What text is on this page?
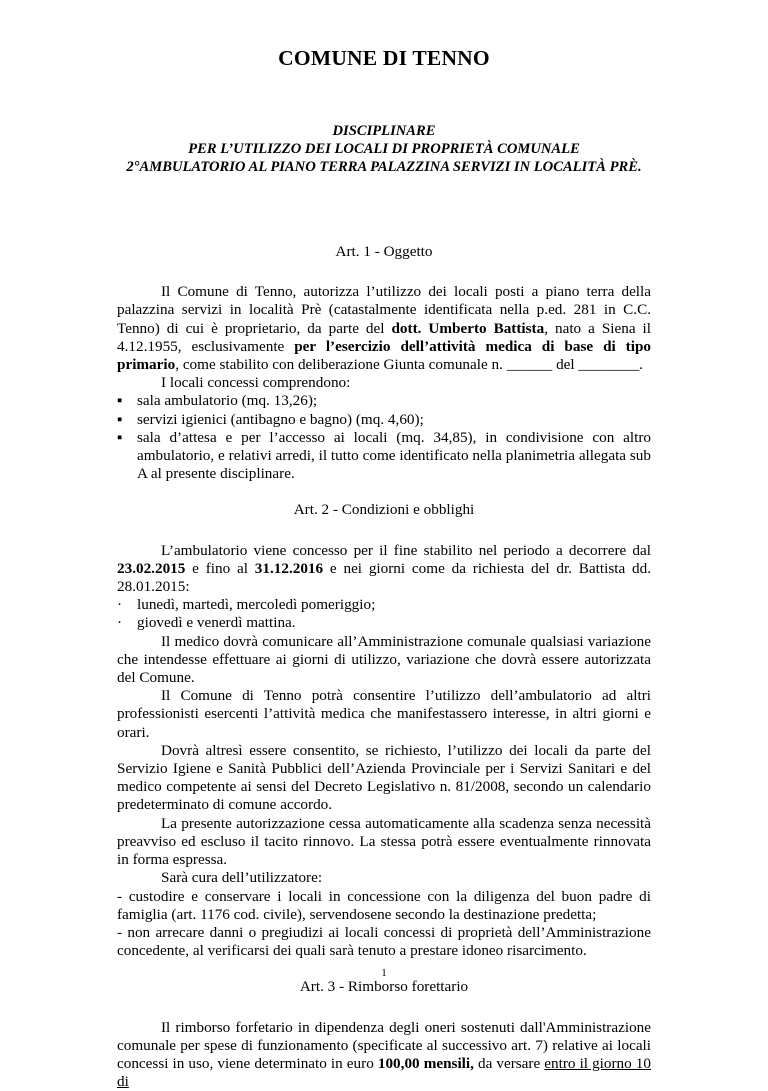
COMUNE DI TENNO
DISCIPLINARE
PER L’UTILIZZO DEI LOCALI DI PROPRIETÀ COMUNALE
2°AMBULATORIO AL PIANO TERRA PALAZZINA SERVIZI IN LOCALITÀ PRÈ.

Art. 1 - Oggetto

Il Comune di Tenno, autorizza l’utilizzo dei locali posti a piano terra della palazzina servizi in località Prè (catastalmente identificata nella p.ed. 281 in C.C. Tenno) di cui è proprietario, da parte del dott. Umberto Battista, nato a Siena il 4.12.1955, esclusivamente per l’esercizio dell’attività medica di base di tipo primario, come stabilito con deliberazione Giunta comunale n. ______ del ________.

I locali concessi comprendono:

▪ sala ambulatorio (mq. 13,26);
▪ servizi igienici (antibagno e bagno) (mq. 4,60);
▪ sala d’attesa e per l’accesso ai locali (mq. 34,85), in condivisione con altro ambulatorio, e relativi arredi, il tutto come identificato nella planimetria allegata sub A al presente disciplinare.

Art. 2 - Condizioni e obblighi

L’ambulatorio viene concesso per il fine stabilito nel periodo a decorrere dal 23.02.2015 e fino al 31.12.2016 e nei giorni come da richiesta del dr. Battista dd. 28.01.2015:

· lunedì, martedì, mercoledì pomeriggio;
· giovedì e venerdì mattina.

Il medico dovrà comunicare all’Amministrazione comunale qualsiasi variazione che intendesse effettuare ai giorni di utilizzo, variazione che dovrà essere autorizzata del Comune.

Il Comune di Tenno potrà consentire l’utilizzo dell’ambulatorio ad altri professionisti esercenti l’attività medica che manifestassero interesse, in altri giorni e orari.

Dovrà altresì essere consentito, se richiesto, l’utilizzo dei locali da parte del Servizio Igiene e Sanità Pubblici dell’Azienda Provinciale per i Servizi Sanitari e del medico competente ai sensi del Decreto Legislativo n. 81/2008, secondo un calendario predeterminato di comune accordo.

La presente autorizzazione cessa automaticamente alla scadenza senza necessità preavviso ed escluso il tacito rinnovo. La stessa potrà essere eventualmente rinnovata in forma espressa.

Sarà cura dell’utilizzatore:

- custodire e conservare i locali in concessione con la diligenza del buon padre di famiglia (art. 1176 cod. civile), servendosene secondo la destinazione predetta;

- non arrecare danni o pregiudizi ai locali concessi di proprietà dell’Amministrazione concedente, al verificarsi dei quali sarà tenuto a prestare idoneo risarcimento.

Art. 3 - Rimborso forettario

Il rimborso forfetario in dipendenza degli oneri sostenuti dall'Amministrazione comunale per spese di funzionamento (specificate al successivo art. 7) relative ai locali concessi in uso, viene determinato in euro 100,00 mensili, da versare entro il giorno 10 di

1
